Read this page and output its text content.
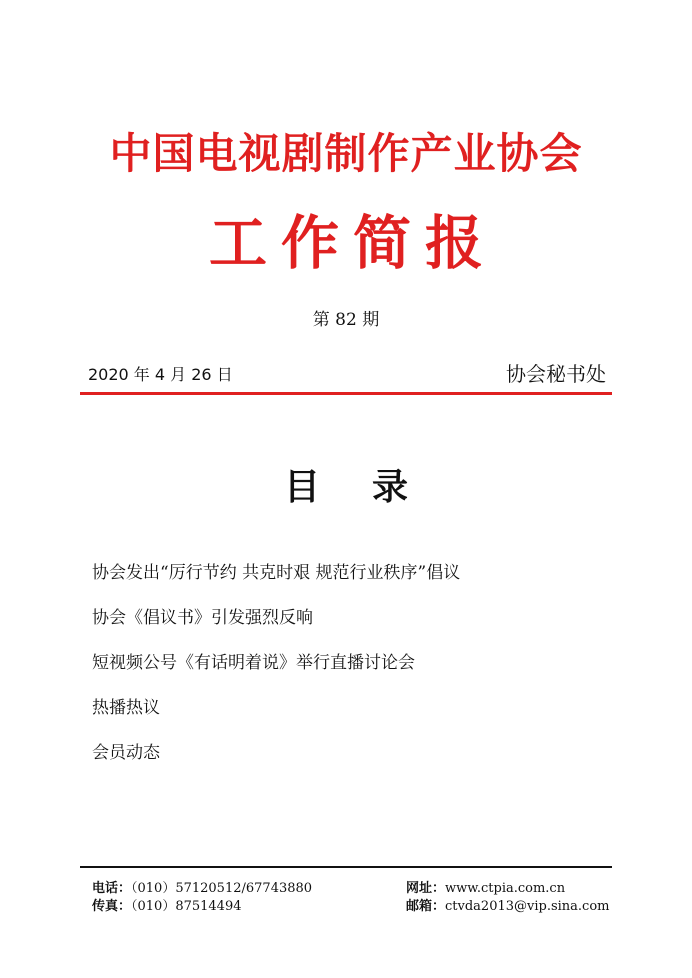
中国电视剧制作产业协会
工作简报
第 82 期
2020 年 4 月 26 日	协会秘书处
目 录
协会发出“厉行节约 共克时艰 规范行业秩序”倡议
协会《倡议书》引发强烈反响
短视频公号《有话明着说》举行直播讨论会
热播热议
会员动态
电话：（010）57120512/67743880
传真：（010）87514494
网址：www.ctpia.com.cn
邮箱：ctvda2013@vip.sina.com
